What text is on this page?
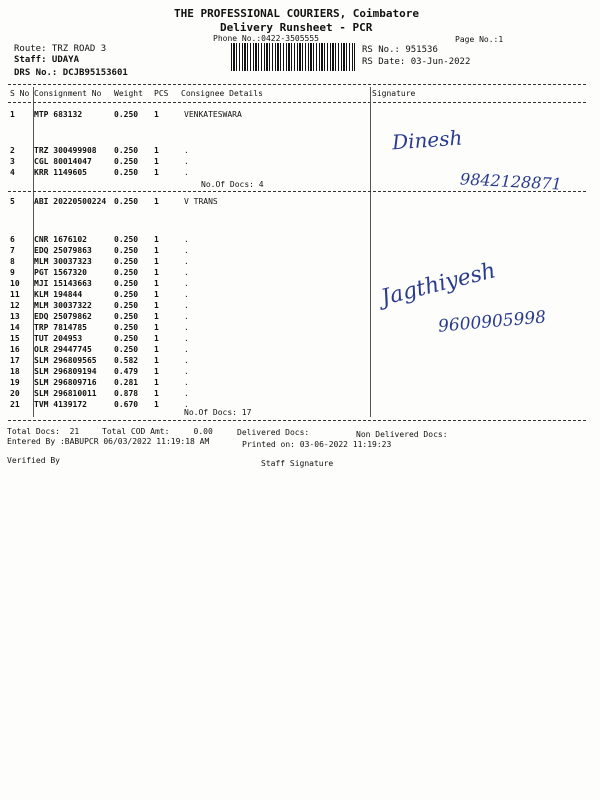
THE PROFESSIONAL COURIERS, Coimbatore
Delivery Runsheet - PCR
Phone No.:0422-3505555	Page No.:1
Route: TRZ ROAD 3
Staff: UDAYA
DRS No.: DCJB95153601
RS No.: 951536
RS Date: 03-Jun-2022
S No Consignment No Weight PCS Consignee Details	Signature
1 MTP 683132	0.250 1	VENKATESWARA
2 TRZ 300499908 0.250 1	.
3 CGL 80014047	0.250 1	.
4 KRR 1149605	0.250 1	.
No.Of Docs: 4
5 ABI 20220500224 0.250 1	V TRANS
6 CNR 1676102	0.250 1	.
7 EDQ 25079863	0.250 1	.
8 MLM 30037323	0.250 1	.
9 PGT 1567320	0.250 1	.
10 MJI 15143663	0.250 1	.
11 KLM 194844	0.250 1	.
12 MLM 30037322	0.250 1	.
13 EDQ 25079862	0.250 1	.
14 TRP 7814785	0.250 1	.
15 TUT 204953	0.250 1	.
16 OLR 29447745	0.250 1	.
17 SLM 296809565 0.582 1	.
18 SLM 296809194 0.479 1	.
19 SLM 296809716 0.281 1	.
20 SLM 296810011 0.878 1	.
21 TVM 4139172	0.670 1	.
No.Of Docs: 17
Dinesh
9842128871
Jagthiyesh
9600905998
Total Docs:  21	Total COD Amt:     0.00	Delivered Docs:	Non Delivered Docs:
Entered By :BABUPCR 06/03/2022 11:19:18 AM	Printed on: 03-06-2022 11:19:23
Verified By	Staff Signature
